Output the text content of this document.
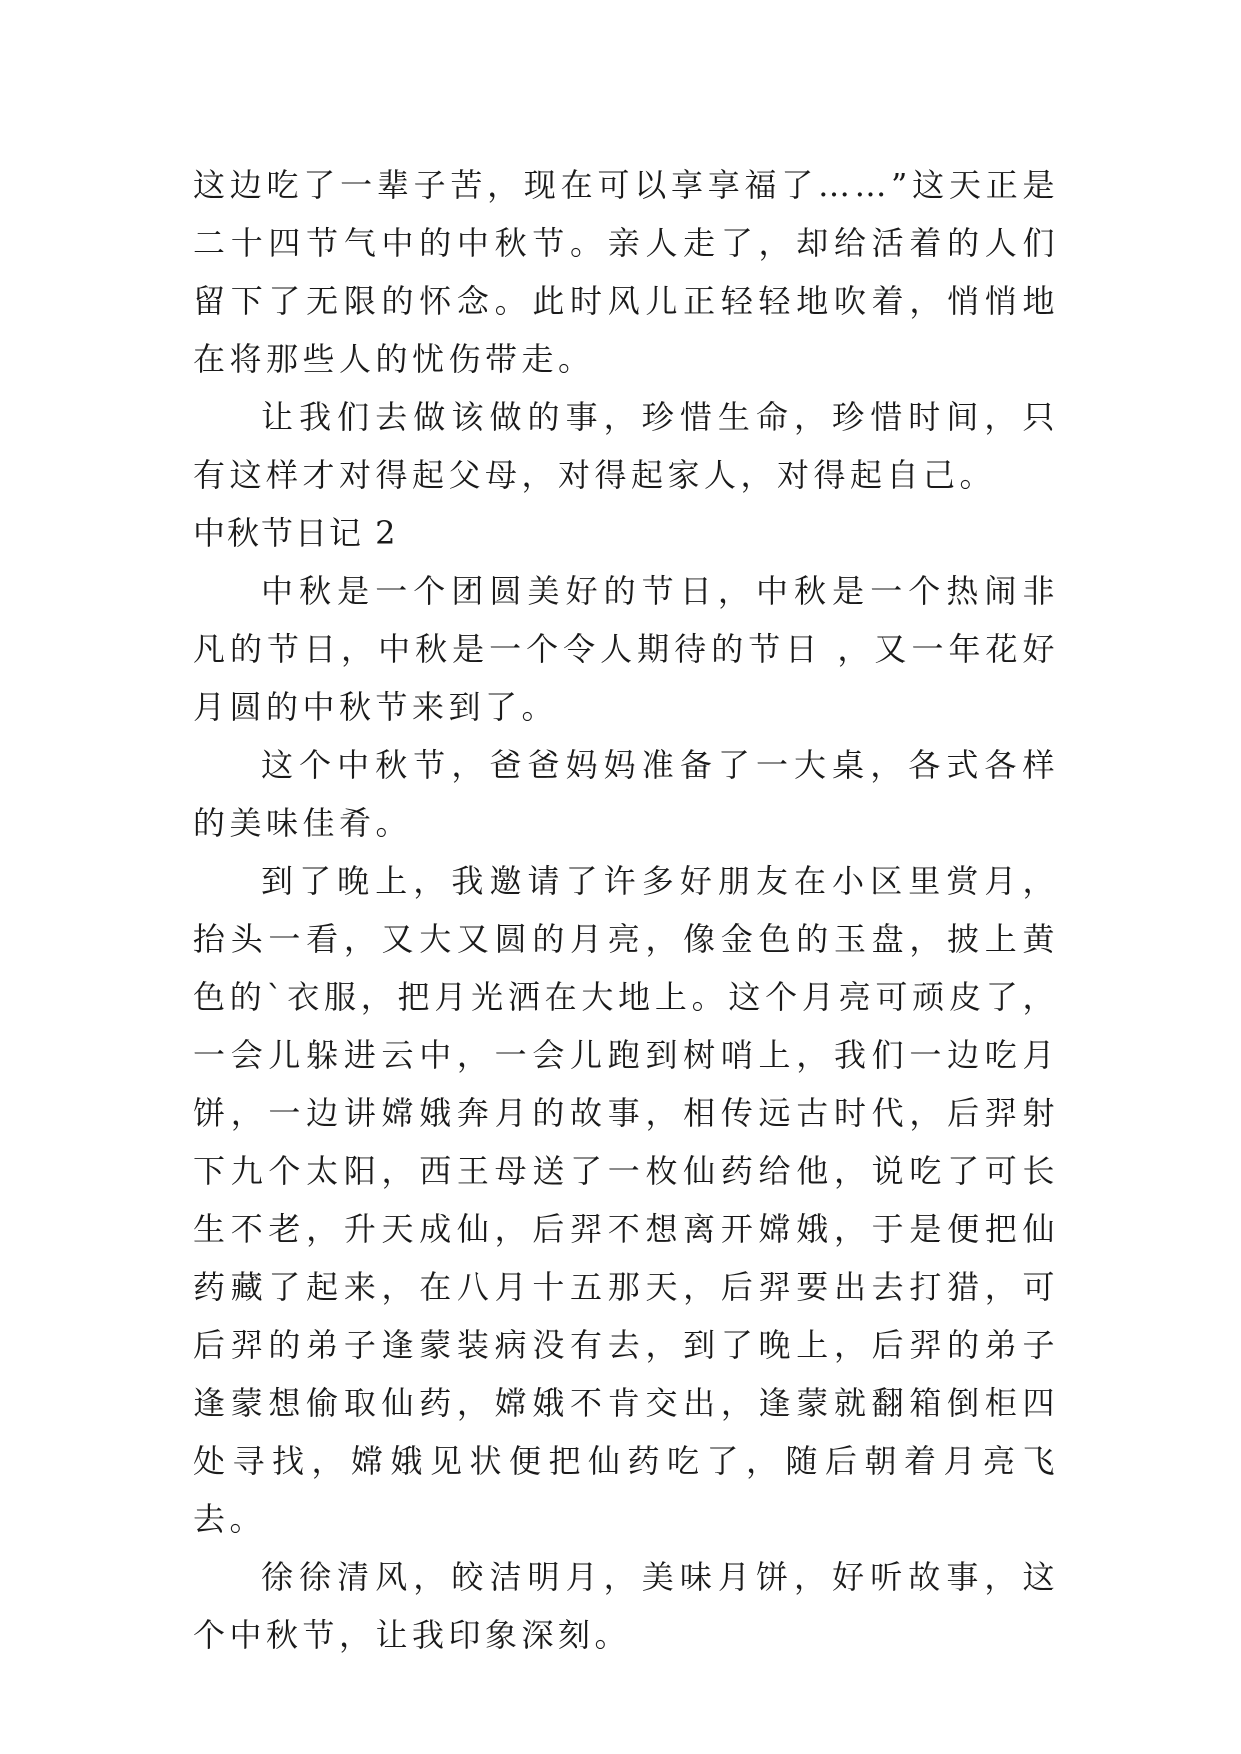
这边吃了一辈子苦，现在可以享享福了……”这天正是二十四节气中的中秋节。亲人走了，却给活着的人们留下了无限的怀念。此时风儿正轻轻地吹着，悄悄地在将那些人的忧伤带走。

让我们去做该做的事，珍惜生命，珍惜时间，只有这样才对得起父母，对得起家人，对得起自己。

中秋节日记 2

中秋是一个团圆美好的节日，中秋是一个热闹非凡的节日，中秋是一个令人期待的节日 ，又一年花好月圆的中秋节来到了。

这个中秋节，爸爸妈妈准备了一大桌，各式各样的美味佳肴。

到了晚上，我邀请了许多好朋友在小区里赏月，抬头一看，又大又圆的月亮，像金色的玉盘，披上黄色的`衣服，把月光洒在大地上。这个月亮可顽皮了，一会儿躲进云中，一会儿跑到树哨上，我们一边吃月饼，一边讲嫦娥奔月的故事，相传远古时代，后羿射下九个太阳，西王母送了一枚仙药给他，说吃了可长生不老，升天成仙，后羿不想离开嫦娥，于是便把仙药藏了起来，在八月十五那天，后羿要出去打猎，可后羿的弟子逢蒙装病没有去，到了晚上，后羿的弟子逢蒙想偷取仙药，嫦娥不肯交出，逢蒙就翻箱倒柜四处寻找，嫦娥见状便把仙药吃了，随后朝着月亮飞去。

徐徐清风，皎洁明月，美味月饼，好听故事，这个中秋节，让我印象深刻。
